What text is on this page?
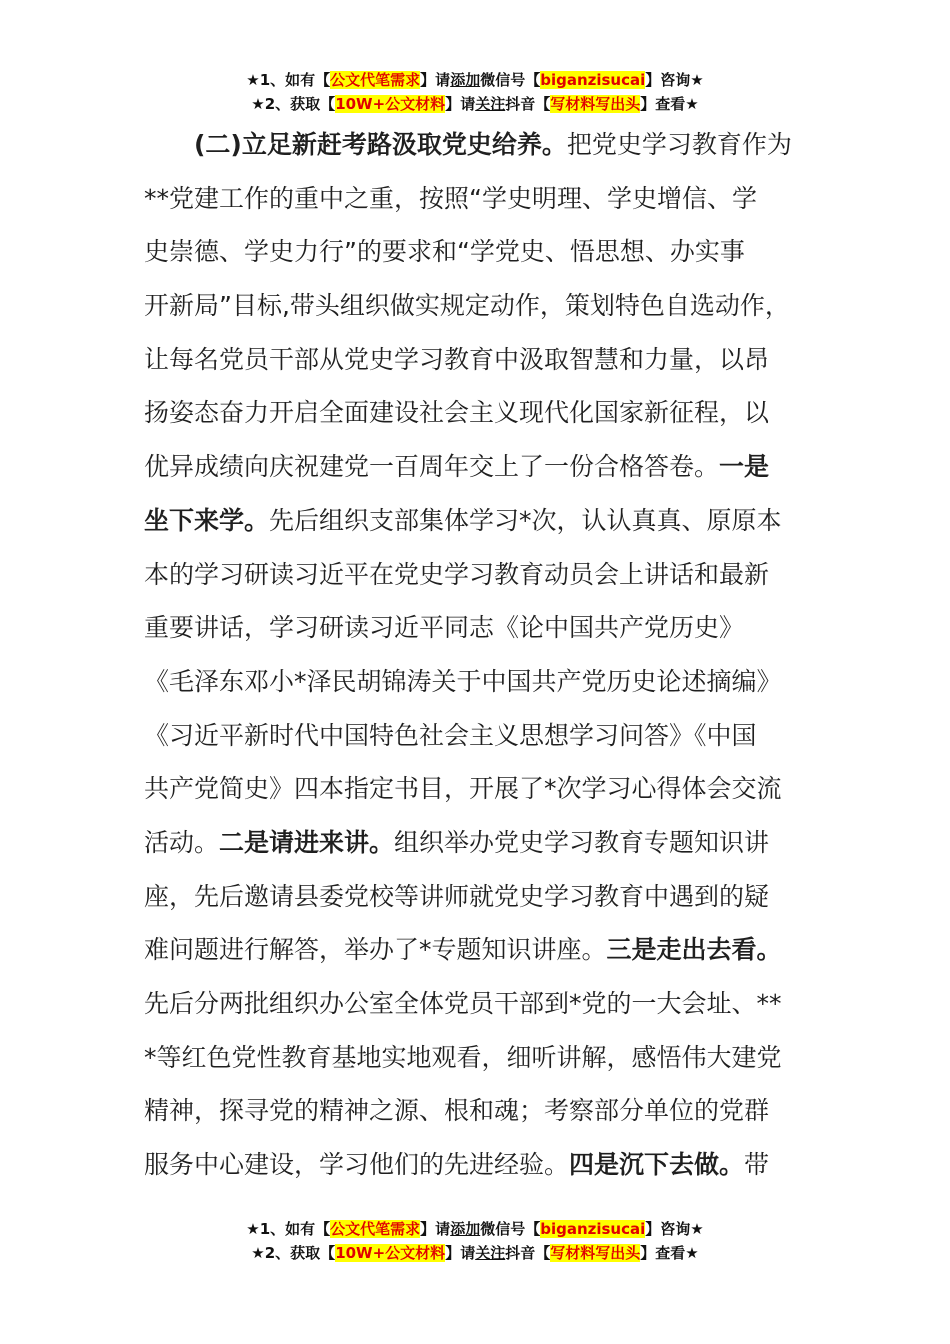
★1、如有【公文代笔需求】请添加微信号【biganzisucai】咨询★
★2、获取【10W+公文材料】请关注抖音【写材料写出头】查看★
(二)立足新赶考路汲取党史给养。把党史学习教育作为
**党建工作的重中之重，按照“学史明理、学史增信、学
史崇德、学史力行”的要求和“学党史、悟思想、办实事
开新局”目标,带头组织做实规定动作，策划特色自选动作，
让每名党员干部从党史学习教育中汲取智慧和力量，以昂
扬姿态奋力开启全面建设社会主义现代化国家新征程，以
优异成绩向庆祝建党一百周年交上了一份合格答卷。一是
坐下来学。先后组织支部集体学习*次，认认真真、原原本
本的学习研读习近平在党史学习教育动员会上讲话和最新
重要讲话，学习研读习近平同志《论中国共产党历史》
《毛泽东邓小*泽民胡锦涛关于中国共产党历史论述摘编》
《习近平新时代中国特色社会主义思想学习问答》《中国
共产党简史》四本指定书目，开展了*次学习心得体会交流
活动。二是请进来讲。组织举办党史学习教育专题知识讲
座，先后邀请县委党校等讲师就党史学习教育中遇到的疑
难问题进行解答，举办了*专题知识讲座。三是走出去看。
先后分两批组织办公室全体党员干部到*党的一大会址、**
*等红色党性教育基地实地观看，细听讲解，感悟伟大建党
精神，探寻党的精神之源、根和魂；考察部分单位的党群
服务中心建设，学习他们的先进经验。四是沉下去做。带
★1、如有【公文代笔需求】请添加微信号【biganzisucai】咨询★
★2、获取【10W+公文材料】请关注抖音【写材料写出头】查看★
